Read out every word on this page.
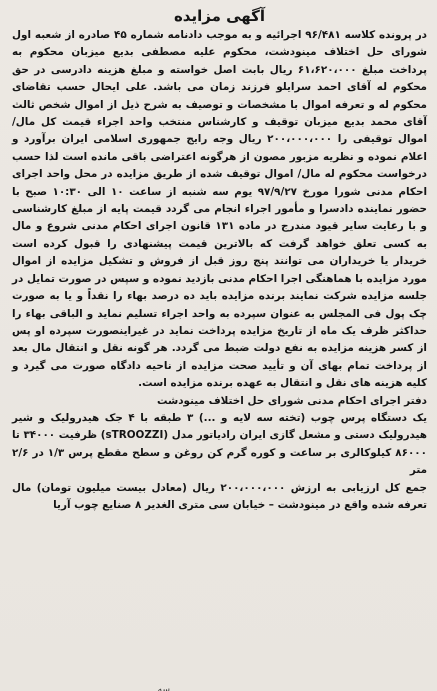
آگهی مزایده

در پرونده کلاسه ۹۶/۴۸۱ اجرائیه و به موجب دادنامه شماره ۴۵ صادره از شعبه اول شورای حل اختلاف مینودشت، محکوم علیه مصطفی بدیع میزبان محکوم به پرداخت مبلغ ۶۱،۶۲۰،۰۰۰ ریال بابت اصل خواسته و مبلغ هزینه دادرسی در حق محکوم له آقای احمد سرایلو فرزند زمان می باشد. علی ایحال حسب تقاضای محکوم له و تعرفه اموال با مشخصات و توصیف به شرح ذیل از اموال شخص ثالث آقای محمد بدیع میزبان توقیف و کارشناس منتخب واحد اجراء قیمت کل مال/ اموال توقیفی را ۲۰۰،۰۰۰،۰۰۰ ریال وجه رایج جمهوری اسلامی ایران برآورد و اعلام نموده و نظریه مزبور مصون از هرگونه اعتراضی باقی مانده است لذا حسب درخواست محکوم له مال/ اموال توقیف شده از طریق مزایده در محل واحد اجرای احکام مدنی شورا مورخ ۹۷/۹/۲۷ یوم سه شنبه از ساعت ۱۰ الی ۱۰:۳۰ صبح با حضور نماینده دادسرا و مأمور اجراء انجام می گردد قیمت پایه از مبلغ کارشناسی و با رعایت سایر قیود مندرج در ماده ۱۳۱ قانون اجرای احکام مدنی شروع و مال به کسی تعلق خواهد گرفت که بالاترین قیمت پیشنهادی را قبول کرده است خریدار یا خریداران می توانند پنج روز قبل از فروش و تشکیل مزایده از اموال مورد مزایده با هماهنگی اجرا احکام مدنی بازدید نموده و سپس در صورت تمایل در جلسه مزایده شرکت نمایند برنده مزایده باید ده درصد بهاء را نقداً و یا به صورت چک پول فی المجلس به عنوان سپرده به واحد اجراء تسلیم نماید و الباقی بهاء را حداکثر ظرف یک ماه از تاریخ مزایده پرداخت نماید در غیراینصورت سپرده او پس از کسر هزینه مزایده به نفع دولت ضبط می گردد. هر گونه نقل و انتقال مال بعد از پرداخت تمام بهای آن و تأیید صحت مزایده از ناحیه دادگاه صورت می گیرد و کلیه هزینه های نقل و انتقال به عهده برنده مزایده است.

دفتر اجرای احکام مدنی شورای حل اختلاف مینودشت

یک دستگاه پرس چوب (تخته سه لایه و ...) ۳ طبقه با ۴ جک هیدرولیک و شیر هیدرولیک دستی و مشعل گازی ایران رادیاتور مدل (sTROOZZI) ظرفیت ۳۴۰۰۰ تا ۸۶۰۰۰ کیلوکالری بر ساعت و کوره گرم کن روغن و سطح مقطع پرس ۱/۳ در ۲/۶ متر

جمع کل ارزیابی به ارزش ۲۰۰،۰۰۰،۰۰۰ ریال (معادل بیست میلیون تومان) مال تعرفه شده واقع در مینودشت – خیابان سی متری الغدیر ۸ صنایع چوب آریا

سه
